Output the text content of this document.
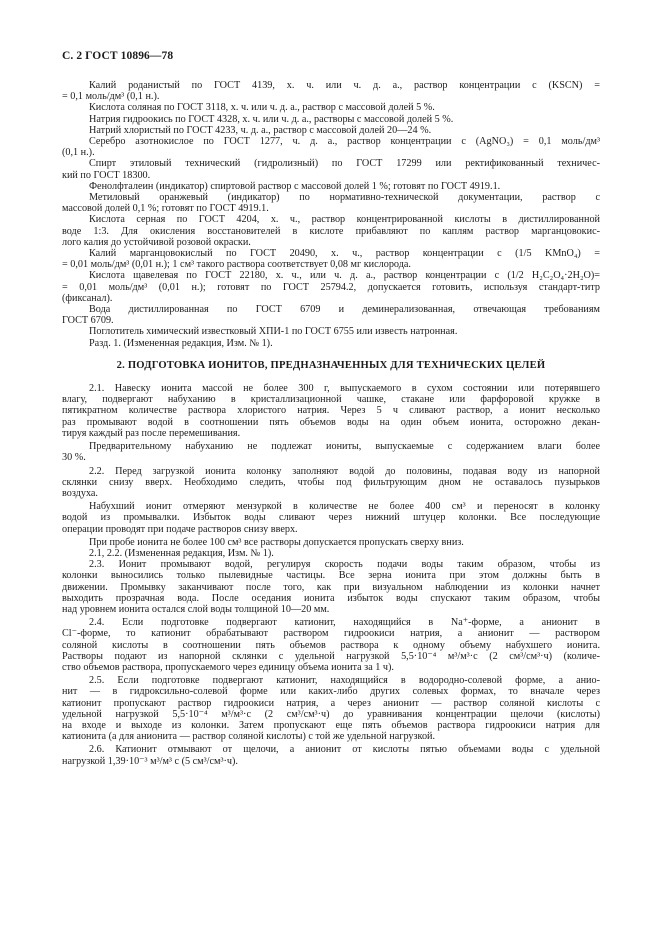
С. 2 ГОСТ 10896—78

Калий роданистый по ГОСТ 4139, х. ч. или ч. д. а., раствор концентрации c (KSCN) =
= 0,1 моль/дм³ (0,1 н.).

Кислота соляная по ГОСТ 3118, х. ч. или ч. д. а., раствор с массовой долей 5 %.

Натрия гидроокись по ГОСТ 4328, х. ч. или ч. д. а., растворы с массовой долей 5 %.

Натрий хлористый по ГОСТ 4233, ч. д. а., раствор с массовой долей 20—24 %.

Серебро азотнокислое по ГОСТ 1277, ч. д. а., раствор концентрации c (AgNO₃) = 0,1 моль/дм³
(0,1 н.).

Спирт этиловый технический (гидролизный) по ГОСТ 17299 или ректификованный техничес-
кий по ГОСТ 18300.

Фенолфталеин (индикатор) спиртовой раствор с массовой долей 1 %; готовят по ГОСТ 4919.1.

Метиловый оранжевый (индикатор) по нормативно-технической документации, раствор с
массовой долей 0,1 %; готовят по ГОСТ 4919.1.

Кислота серная по ГОСТ 4204, х. ч., раствор концентрированной кислоты в дистиллированной
воде 1:3. Для окисления восстановителей в кислоте прибавляют по каплям раствор марганцовокис-
лого калия до устойчивой розовой окраски.

Калий марганцовокислый по ГОСТ 20490, х. ч., раствор концентрации c (1/5 KMnO₄) =
= 0,01 моль/дм³ (0,01 н.); 1 см³ такого раствора соответствует 0,08 мг кислорода.

Кислота щавелевая по ГОСТ 22180, х. ч., или ч. д. а., раствор концентрации c (1/2 H₂C₂O₄·2H₂O)=
= 0,01 моль/дм³ (0,01 н.); готовят по ГОСТ 25794.2, допускается готовить, используя стандарт-титр
(фиксанал).

Вода дистиллированная по ГОСТ 6709 и деминерализованная, отвечающая требованиям
ГОСТ 6709.

Поглотитель химический известковый ХПИ-1 по ГОСТ 6755 или известь натронная.

Разд. 1. (Измененная редакция, Изм. № 1).

2. ПОДГОТОВКА ИОНИТОВ, ПРЕДНАЗНАЧЕННЫХ ДЛЯ ТЕХНИЧЕСКИХ ЦЕЛЕЙ

2.1. Навеску ионита массой не более 300 г, выпускаемого в сухом состоянии или потерявшего
влагу, подвергают набуханию в кристаллизационной чашке, стакане или фарфоровой кружке в
пятикратном количестве раствора хлористого натрия. Через 5 ч сливают раствор, а ионит несколько
раз промывают водой в соотношении пять объемов воды на один объем ионита, осторожно декан-
тируя каждый раз после перемешивания.

Предварительному набуханию не подлежат иониты, выпускаемые с содержанием влаги более
30 %.

2.2. Перед загрузкой ионита колонку заполняют водой до половины, подавая воду из напорной
склянки снизу вверх. Необходимо следить, чтобы под фильтрующим дном не оставалось пузырьков
воздуха.

Набухший ионит отмеряют мензуркой в количестве не более 400 см³ и переносят в колонку
водой из промывалки. Избыток воды сливают через нижний штуцер колонки. Все последующие
операции проводят при подаче растворов снизу вверх.

При пробе ионита не более 100 см³ все растворы допускается пропускать сверху вниз.

2.1, 2.2. (Измененная редакция, Изм. № 1).

2.3. Ионит промывают водой, регулируя скорость подачи воды таким образом, чтобы из
колонки выносились только пылевидные частицы. Все зерна ионита при этом должны быть в
движении. Промывку заканчивают после того, как при визуальном наблюдении из колонки начнет
выходить прозрачная вода. После оседания ионита избыток воды спускают таким образом, чтобы
над уровнем ионита остался слой воды толщиной 10—20 мм.

2.4. Если подготовке подвергают катионит, находящийся в Na⁺-форме, а анионит в
Cl⁻-форме, то катионит обрабатывают раствором гидроокиси натрия, а анионит — раствором
соляной кислоты в соотношении пять объемов раствора к одному объему набухшего ионита.
Растворы подают из напорной склянки с удельной нагрузкой 5,5·10⁻⁴ м³/м³·с (2 см³/см³·ч) (количе-
ство объемов раствора, пропускаемого через единицу объема ионита за 1 ч).

2.5. Если подготовке подвергают катионит, находящийся в водородно-солевой форме, а анио-
нит — в гидроксильно-солевой форме или каких-либо других солевых формах, то вначале через
катионит пропускают раствор гидроокиси натрия, а через анионит — раствор соляной кислоты с
удельной нагрузкой 5,5·10⁻⁴ м³/м³·с (2 см³/см³·ч) до уравнивания концентрации щелочи (кислоты)
на входе и выходе из колонки. Затем пропускают еще пять объемов раствора гидроокиси натрия для
катионита (а для анионита — раствор соляной кислоты) с той же удельной нагрузкой.

2.6. Катионит отмывают от щелочи, а анионит от кислоты пятью объемами воды с удельной
нагрузкой 1,39·10⁻³ м³/м³ с (5 см³/см³·ч).
